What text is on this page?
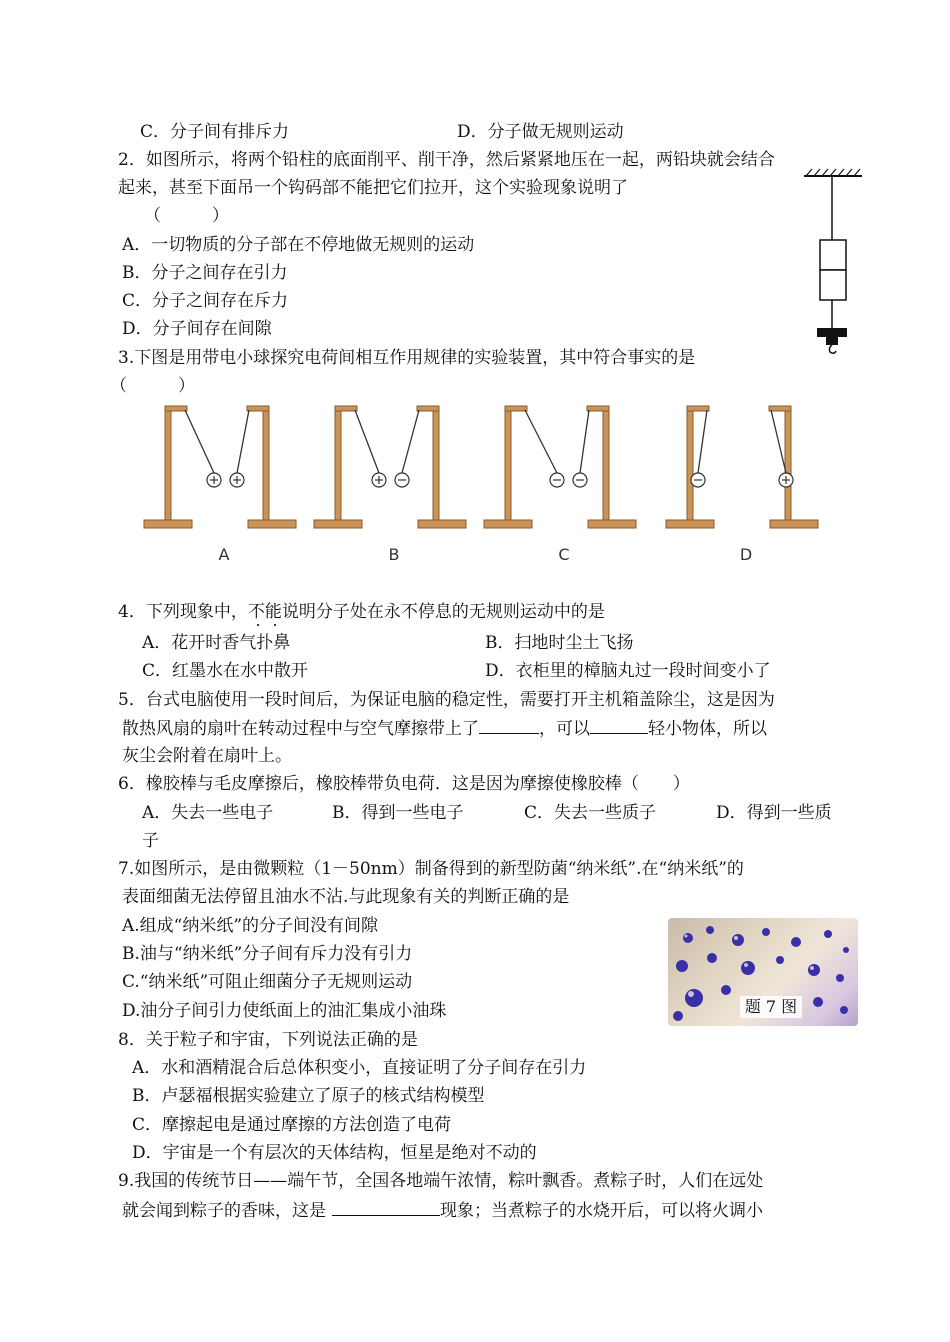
C．分子间有排斥力	D．分子做无规则运动
2．如图所示，将两个铅柱的底面削平、削干净，然后紧紧地压在一起，两铅块就会结合
起来，甚至下面吊一个钩码部不能把它们拉开，这个实验现象说明了
（　　　）
A．一切物质的分子部在不停地做无规则的运动
B．分子之间存在引力
C．分子之间存在斥力
D．分子间存在间隙
3.下图是用带电小球探究电荷间相互作用规律的实验装置，其中符合事实的是
（　　　）
A	B	C	D
4．下列现象中，不能说明分子处在永不停息的无规则运动中的是
A．花开时香气扑鼻	B．扫地时尘土飞扬
C．红墨水在水中散开	D．衣柜里的樟脑丸过一段时间变小了
5．台式电脑使用一段时间后，为保证电脑的稳定性，需要打开主机箱盖除尘，这是因为
散热风扇的扇叶在转动过程中与空气摩擦带上了	，可以	轻小物体，所以
灰尘会附着在扇叶上。
6．橡胶棒与毛皮摩擦后，橡胶棒带负电荷．这是因为摩擦使橡胶棒（　　）
A．失去一些电子	B．得到一些电子	C．失去一些质子	D．得到一些质
子
7.如图所示，是由微颗粒（1－50nm）制备得到的新型防菌“纳米纸”.在“纳米纸”的
表面细菌无法停留且油水不沾.与此现象有关的判断正确的是
A.组成“纳米纸”的分子间没有间隙
B.油与“纳米纸”分子间有斥力没有引力
C.“纳米纸”可阻止细菌分子无规则运动
D.油分子间引力使纸面上的油汇集成小油珠	题 7 图
8．关于粒子和宇宙，下列说法正确的是
A．水和酒精混合后总体积变小，直接证明了分子间存在引力
B．卢瑟福根据实验建立了原子的核式结构模型
C．摩擦起电是通过摩擦的方法创造了电荷
D．宇宙是一个有层次的天体结构，恒星是绝对不动的
9.我国的传统节日——端午节，全国各地端午浓情，粽叶飘香。煮粽子时，人们在远处
就会闻到粽子的香味，这是	现象；当煮粽子的水烧开后，可以将火调小
